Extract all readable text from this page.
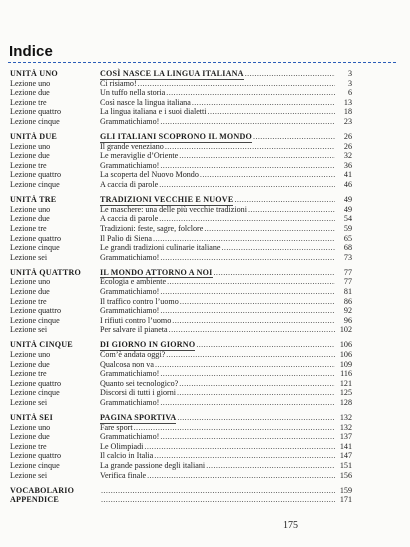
Indice
UNITÀ UNO	COSÌ NASCE LA LINGUA ITALIANA .....	3
Lezione uno	Ci risiamo! .....	3
Lezione due	Un tuffo nella storia .....	6
Lezione tre	Così nasce la lingua italiana .....	13
Lezione quattro	La lingua italiana e i suoi dialetti .....	18
Lezione cinque	Grammatichiamo! .....	23
UNITÀ DUE	GLI ITALIANI SCOPRONO IL MONDO .....	26
Lezione uno	Il grande veneziano .....	26
Lezione due	Le meraviglie d’Oriente .....	32
Lezione tre	Grammatichiamo! .....	36
Lezione quattro	La scoperta del Nuovo Mondo .....	41
Lezione cinque	A caccia di parole .....	46
UNITÀ TRE	TRADIZIONI VECCHIE E NUOVE .....	49
Lezione uno	Le maschere: una delle più vecchie tradizioni .....	49
Lezione due	A caccia di parole .....	54
Lezione tre	Tradizioni: feste, sagre, folclore .....	59
Lezione quattro	Il Palio di Siena .....	65
Lezione cinque	Le grandi tradizioni culinarie italiane .....	68
Lezione sei	Grammatichiamo! .....	73
UNITÀ QUATTRO	IL MONDO ATTORNO A NOI .....	77
Lezione uno	Ecologia e ambiente .....	77
Lezione due	Grammatichiamo! .....	81
Lezione tre	Il traffico contro l’uomo .....	86
Lezione quattro	Grammatichiamo! .....	92
Lezione cinque	I rifiuti contro l’uomo .....	96
Lezione sei	Per salvare il pianeta .....	102
UNITÀ CINQUE	DI GIORNO IN GIORNO .....	106
Lezione uno	Com’è andata oggi? .....	106
Lezione due	Qualcosa non va .....	109
Lezione tre	Grammatichiamo! .....	116
Lezione quattro	Quanto sei tecnologico? .....	121
Lezione cinque	Discorsi di tutti i giorni .....	125
Lezione sei	Grammatichiamo! .....	128
UNITÀ SEI	PAGINA SPORTIVA .....	132
Lezione uno	Fare sport .....	132
Lezione due	Grammatichiamo! .....	137
Lezione tre	Le Olimpiadi .....	141
Lezione quattro	Il calcio in Italia .....	147
Lezione cinque	La grande passione degli italiani .....	151
Lezione sei	Verifica finale .....	156
VOCABOLARIO .....	159
APPENDICE .....	171
175
